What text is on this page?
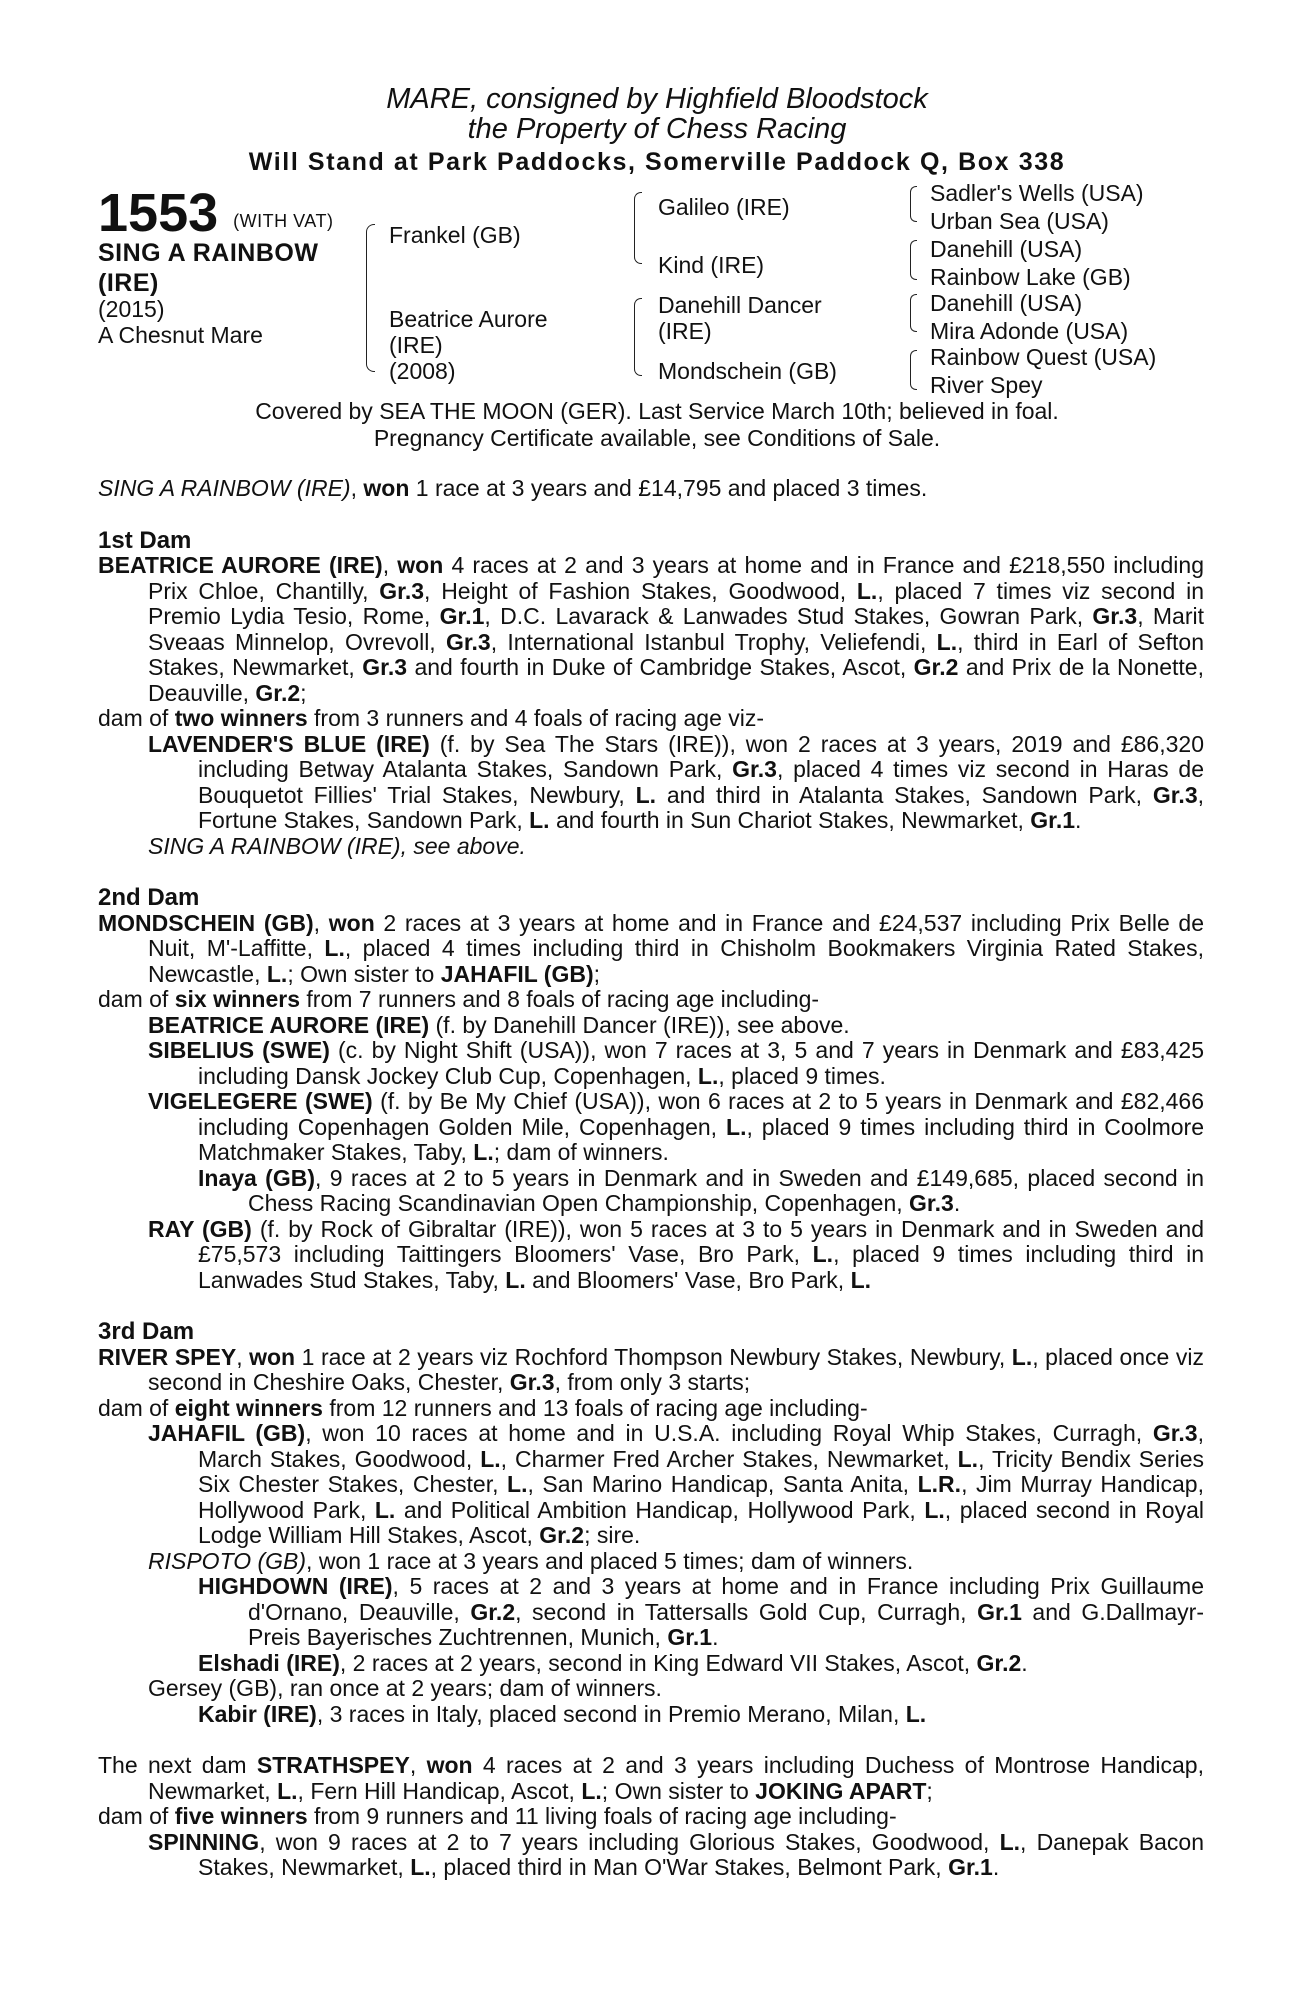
MARE, consigned by Highfield Bloodstock
the Property of Chess Racing
Will Stand at Park Paddocks, Somerville Paddock Q, Box 338
1553 (WITH VAT)
SING A RAINBOW
(IRE)
(2015)
A Chesnut Mare
Frankel (GB)
Beatrice Aurore
(IRE)
(2008)
Galileo (IRE)
Kind (IRE)
Danehill Dancer
(IRE)
Mondschein (GB)
Sadler's Wells (USA)
Urban Sea (USA)
Danehill (USA)
Rainbow Lake (GB)
Danehill (USA)
Mira Adonde (USA)
Rainbow Quest (USA)
River Spey
Covered by SEA THE MOON (GER). Last Service March 10th; believed in foal.
Pregnancy Certificate available, see Conditions of Sale.

SING A RAINBOW (IRE), won 1 race at 3 years and £14,795 and placed 3 times.

1st Dam

BEATRICE AURORE (IRE), won 4 races at 2 and 3 years at home and in France and £218,550 including Prix Chloe, Chantilly, Gr.3, Height of Fashion Stakes, Goodwood, L., placed 7 times viz second in Premio Lydia Tesio, Rome, Gr.1, D.C. Lavarack & Lanwades Stud Stakes, Gowran Park, Gr.3, Marit Sveaas Minnelop, Ovrevoll, Gr.3, International Istanbul Trophy, Veliefendi, L., third in Earl of Sefton Stakes, Newmarket, Gr.3 and fourth in Duke of Cambridge Stakes, Ascot, Gr.2 and Prix de la Nonette, Deauville, Gr.2;

dam of two winners from 3 runners and 4 foals of racing age viz-

LAVENDER'S BLUE (IRE) (f. by Sea The Stars (IRE)), won 2 races at 3 years, 2019 and £86,320 including Betway Atalanta Stakes, Sandown Park, Gr.3, placed 4 times viz second in Haras de Bouquetot Fillies' Trial Stakes, Newbury, L. and third in Atalanta Stakes, Sandown Park, Gr.3, Fortune Stakes, Sandown Park, L. and fourth in Sun Chariot Stakes, Newmarket, Gr.1.

SING A RAINBOW (IRE), see above.

2nd Dam

MONDSCHEIN (GB), won 2 races at 3 years at home and in France and £24,537 including Prix Belle de Nuit, M'-Laffitte, L., placed 4 times including third in Chisholm Bookmakers Virginia Rated Stakes, Newcastle, L.; Own sister to JAHAFIL (GB);

dam of six winners from 7 runners and 8 foals of racing age including-

BEATRICE AURORE (IRE) (f. by Danehill Dancer (IRE)), see above.

SIBELIUS (SWE) (c. by Night Shift (USA)), won 7 races at 3, 5 and 7 years in Denmark and £83,425 including Dansk Jockey Club Cup, Copenhagen, L., placed 9 times.

VIGELEGERE (SWE) (f. by Be My Chief (USA)), won 6 races at 2 to 5 years in Denmark and £82,466 including Copenhagen Golden Mile, Copenhagen, L., placed 9 times including third in Coolmore Matchmaker Stakes, Taby, L.; dam of winners.

Inaya (GB), 9 races at 2 to 5 years in Denmark and in Sweden and £149,685, placed second in Chess Racing Scandinavian Open Championship, Copenhagen, Gr.3.

RAY (GB) (f. by Rock of Gibraltar (IRE)), won 5 races at 3 to 5 years in Denmark and in Sweden and £75,573 including Taittingers Bloomers' Vase, Bro Park, L., placed 9 times including third in Lanwades Stud Stakes, Taby, L. and Bloomers' Vase, Bro Park, L.

3rd Dam

RIVER SPEY, won 1 race at 2 years viz Rochford Thompson Newbury Stakes, Newbury, L., placed once viz second in Cheshire Oaks, Chester, Gr.3, from only 3 starts;

dam of eight winners from 12 runners and 13 foals of racing age including-

JAHAFIL (GB), won 10 races at home and in U.S.A. including Royal Whip Stakes, Curragh, Gr.3, March Stakes, Goodwood, L., Charmer Fred Archer Stakes, Newmarket, L., Tricity Bendix Series Six Chester Stakes, Chester, L., San Marino Handicap, Santa Anita, L.R., Jim Murray Handicap, Hollywood Park, L. and Political Ambition Handicap, Hollywood Park, L., placed second in Royal Lodge William Hill Stakes, Ascot, Gr.2; sire.

RISPOTO (GB), won 1 race at 3 years and placed 5 times; dam of winners.

HIGHDOWN (IRE), 5 races at 2 and 3 years at home and in France including Prix Guillaume d'Ornano, Deauville, Gr.2, second in Tattersalls Gold Cup, Curragh, Gr.1 and G.Dallmayr-Preis Bayerisches Zuchtrennen, Munich, Gr.1.

Elshadi (IRE), 2 races at 2 years, second in King Edward VII Stakes, Ascot, Gr.2.

Gersey (GB), ran once at 2 years; dam of winners.

Kabir (IRE), 3 races in Italy, placed second in Premio Merano, Milan, L.

The next dam STRATHSPEY, won 4 races at 2 and 3 years including Duchess of Montrose Handicap, Newmarket, L., Fern Hill Handicap, Ascot, L.; Own sister to JOKING APART;

dam of five winners from 9 runners and 11 living foals of racing age including-

SPINNING, won 9 races at 2 to 7 years including Glorious Stakes, Goodwood, L., Danepak Bacon Stakes, Newmarket, L., placed third in Man O'War Stakes, Belmont Park, Gr.1.
